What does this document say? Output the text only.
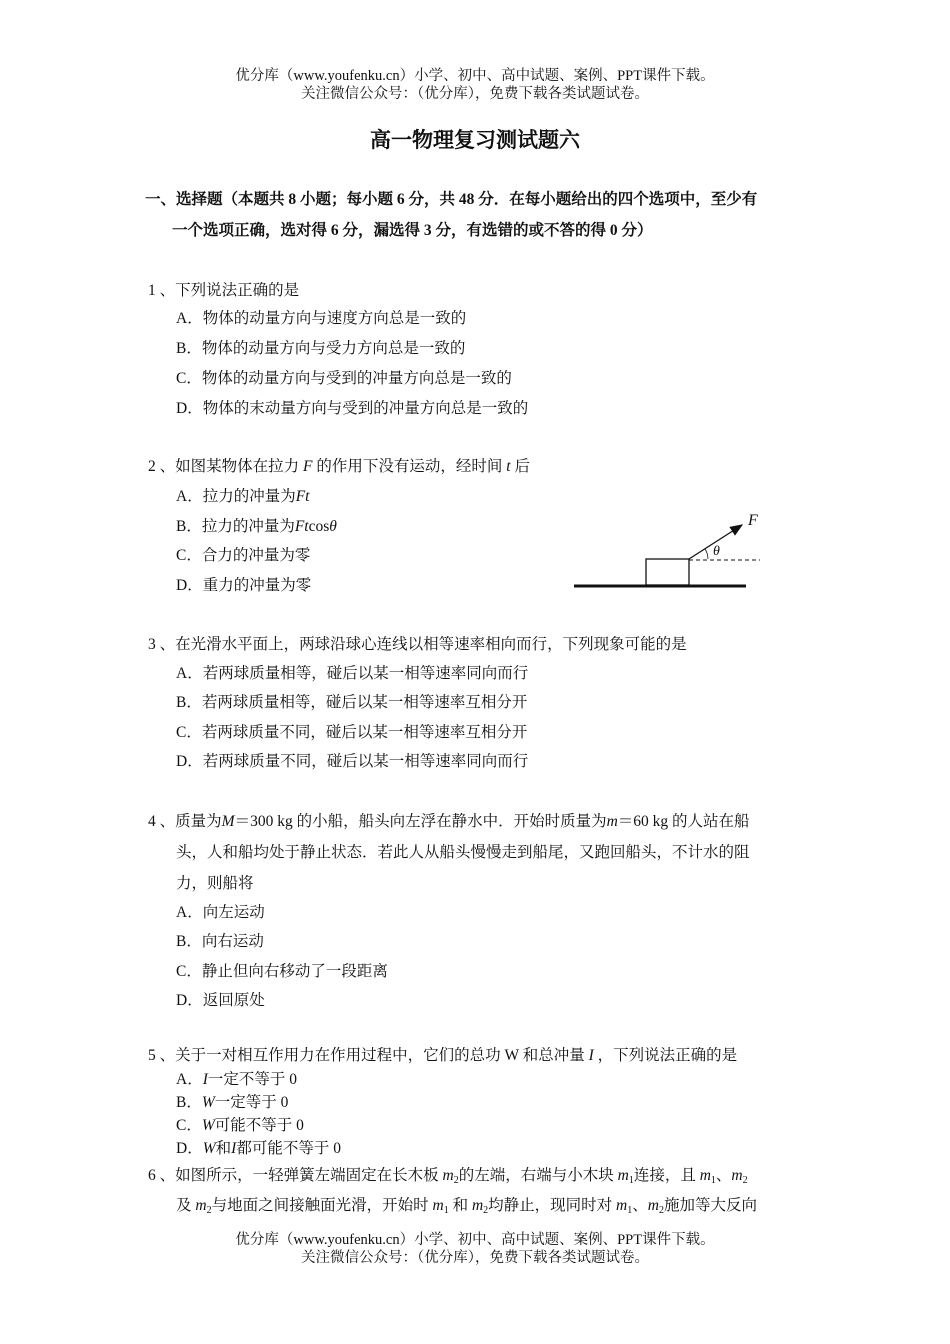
优分库（www.youfenku.cn）小学、初中、高中试题、案例、PPT课件下载。
关注微信公众号：（优分库），免费下载各类试题试卷。
高一物理复习测试题六
一、选择题（本题共 8 小题；每小题 6 分，共 48 分．在每小题给出的四个选项中，至少有
一个选项正确，选对得 6 分，漏选得 3 分，有选错的或不答的得 0 分）
1 、下列说法正确的是
A．物体的动量方向与速度方向总是一致的
B．物体的动量方向与受力方向总是一致的
C．物体的动量方向与受到的冲量方向总是一致的
D．物体的末动量方向与受到的冲量方向总是一致的
2 、如图某物体在拉力 F 的作用下没有运动，经时间 t 后
A．拉力的冲量为Ft
B．拉力的冲量为Ftcosθ
C．合力的冲量为零
D．重力的冲量为零
F
θ
3 、在光滑水平面上，两球沿球心连线以相等速率相向而行，下列现象可能的是
A．若两球质量相等，碰后以某一相等速率同向而行
B．若两球质量相等，碰后以某一相等速率互相分开
C．若两球质量不同，碰后以某一相等速率互相分开
D．若两球质量不同，碰后以某一相等速率同向而行
4 、质量为M＝300 kg 的小船，船头向左浮在静水中．开始时质量为m＝60 kg 的人站在船
头，人和船均处于静止状态．若此人从船头慢慢走到船尾，又跑回船头，不计水的阻
力，则船将
A．向左运动
B．向右运动
C．静止但向右移动了一段距离
D．返回原处
5 、关于一对相互作用力在作用过程中，它们的总功 W 和总冲量 I ，下列说法正确的是
A．I一定不等于 0
B．W一定等于 0
C．W可能不等于 0
D．W和I都可能不等于 0
6 、如图所示，一轻弹簧左端固定在长木板 $m_2$的左端，右端与小木块 $m_1$连接，且 $m_1$、$m_2$
及 $m_2$与地面之间接触面光滑，开始时 $m_1$ 和 $m_2$均静止，现同时对 $m_1$、$m_2$施加等大反向
优分库（www.youfenku.cn）小学、初中、高中试题、案例、PPT课件下载。
关注微信公众号：（优分库），免费下载各类试题试卷。
